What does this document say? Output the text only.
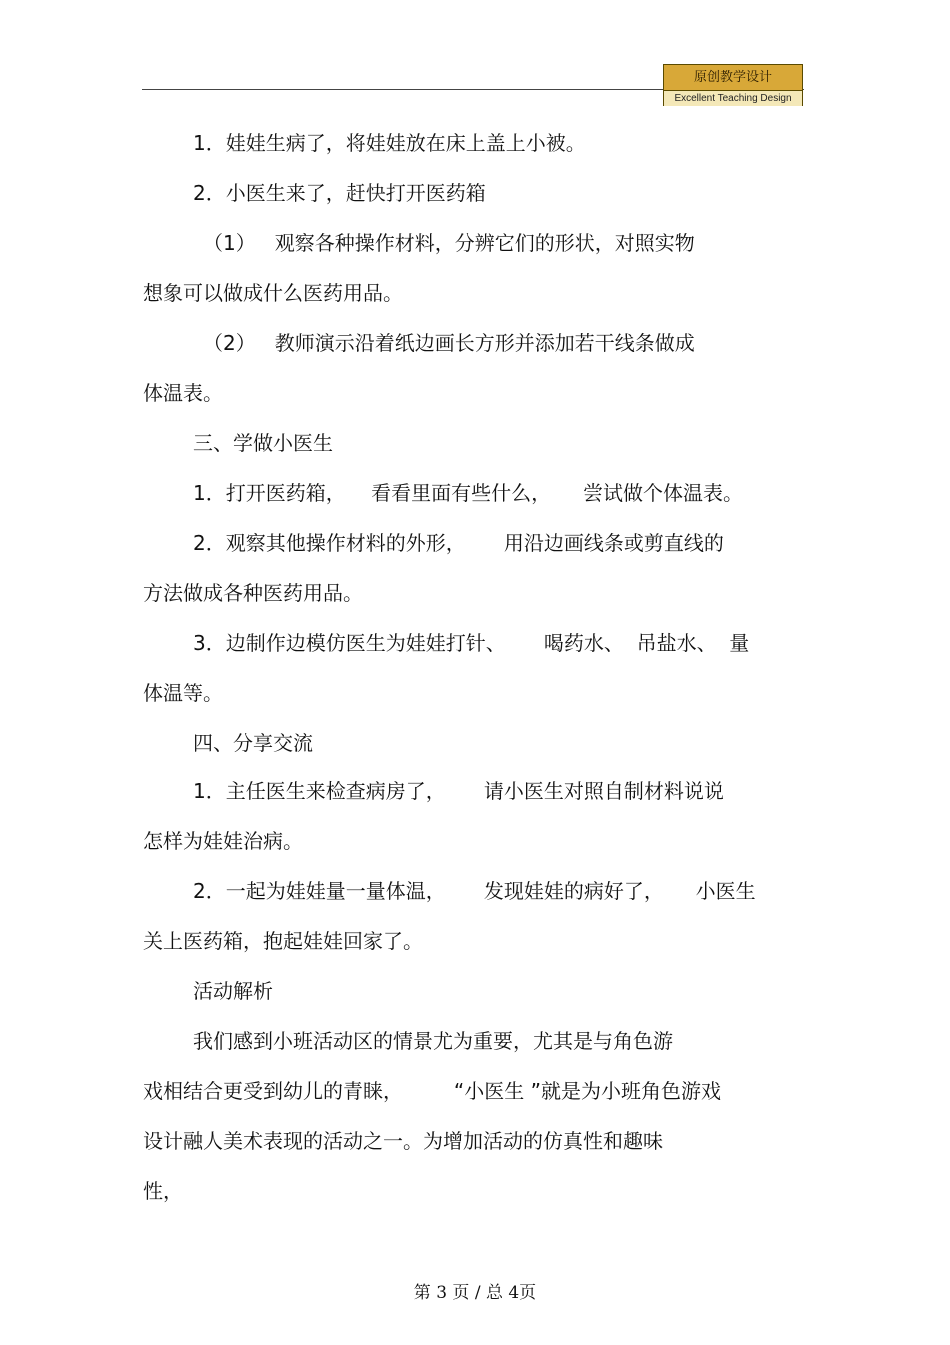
原创教学设计
Excellent Teaching Design
1．娃娃生病了，将娃娃放在床上盖上小被。
2．小医生来了，赶快打开医药箱
（1）   观察各种操作材料，分辨它们的形状，对照实物
想象可以做成什么医药用品。
（2）   教师演示沿着纸边画长方形并添加若干线条做成
体温表。
三、学做小医生
1．打开医药箱，    看看里面有些什么，     尝试做个体温表。
2．观察其他操作材料的外形，      用沿边画线条或剪直线的
方法做成各种医药用品。
3．边制作边模仿医生为娃娃打针、      喝药水、  吊盐水、  量
体温等。
四、分享交流
1．主任医生来检查病房了，      请小医生对照自制材料说说
怎样为娃娃治病。
2．一起为娃娃量一量体温，      发现娃娃的病好了，     小医生
关上医药箱，抱起娃娃回家了。
活动解析
我们感到小班活动区的情景尤为重要，尤其是与角色游
戏相结合更受到幼儿的青睐，        “小医生 ”就是为小班角色游戏
设计融人美术表现的活动之一。为增加活动的仿真性和趣味
性，
第 3 页 / 总 4页
